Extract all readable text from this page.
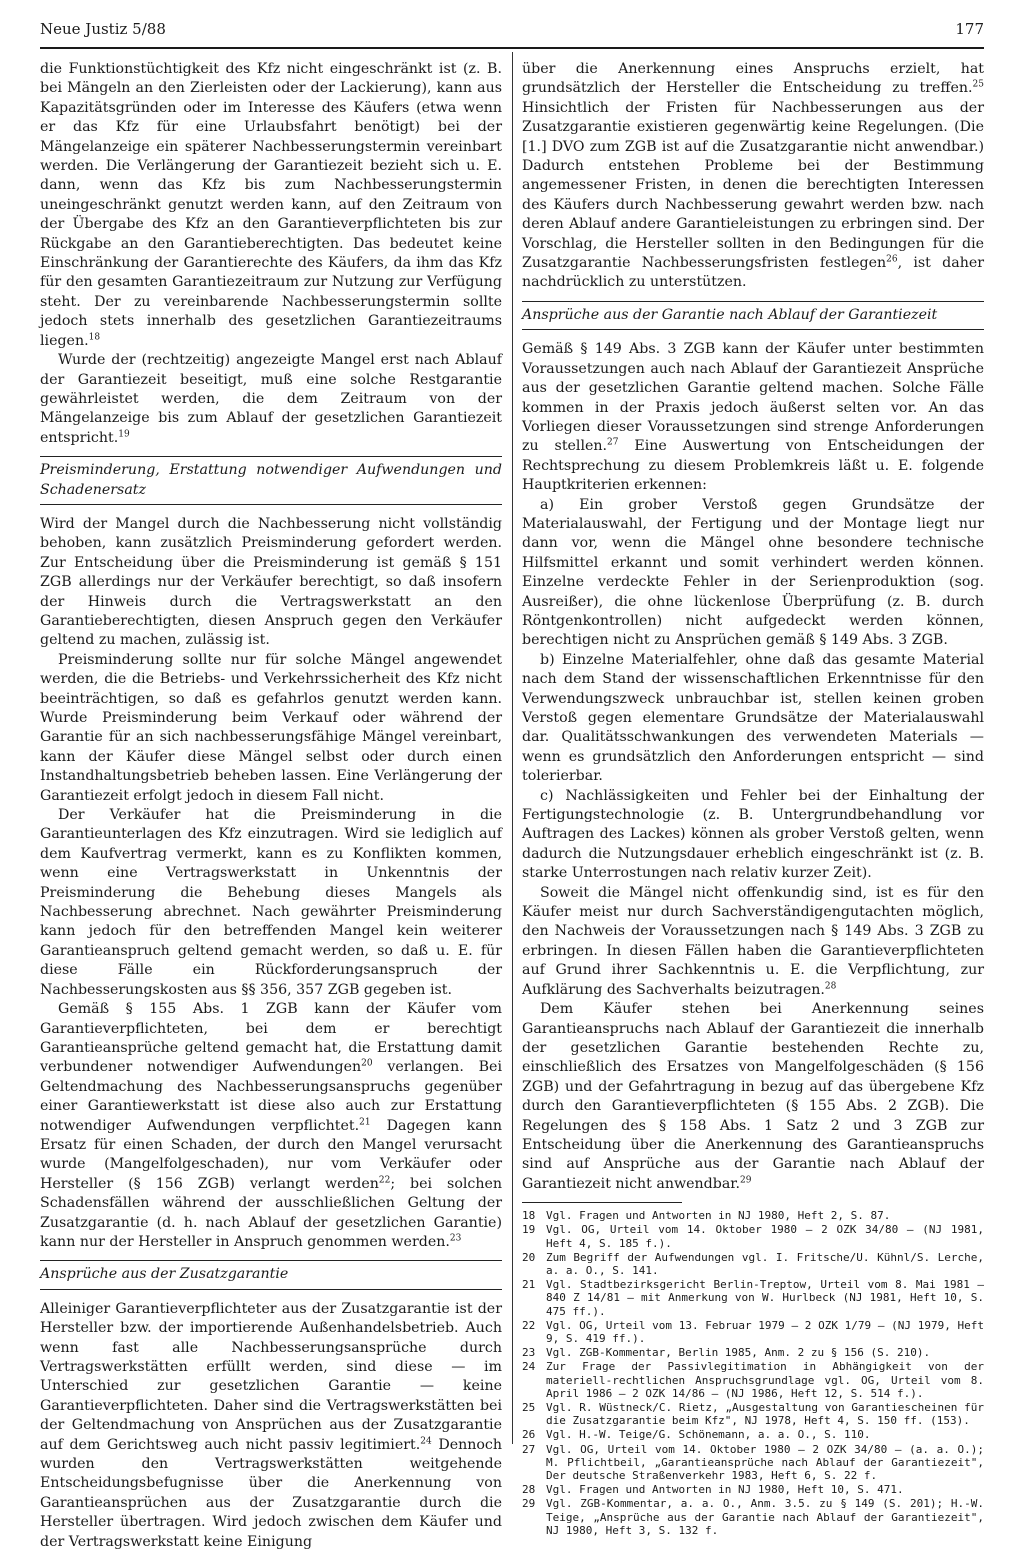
Neue Justiz 5/88	177

die Funktionstüchtigkeit des Kfz nicht eingeschränkt ist (z. B. bei Mängeln an den Zierleisten oder der Lackierung), kann aus Kapazitätsgründen oder im Interesse des Käufers (etwa wenn er das Kfz für eine Urlaubsfahrt benötigt) bei der Mängelanzeige ein späterer Nachbesserungstermin vereinbart werden. Die Verlängerung der Garantiezeit bezieht sich u. E. dann, wenn das Kfz bis zum Nachbesserungstermin uneingeschränkt genutzt werden kann, auf den Zeitraum von der Übergabe des Kfz an den Garantieverpflichteten bis zur Rückgabe an den Garantieberechtigten. Das bedeutet keine Einschränkung der Garantierechte des Käufers, da ihm das Kfz für den gesamten Garantiezeitraum zur Nutzung zur Verfügung steht. Der zu vereinbarende Nachbesserungstermin sollte jedoch stets innerhalb des gesetzlichen Garantiezeitraums liegen.$^{18}$

Wurde der (rechtzeitig) angezeigte Mangel erst nach Ablauf der Garantiezeit beseitigt, muß eine solche Restgarantie gewährleistet werden, die dem Zeitraum von der Mängelanzeige bis zum Ablauf der gesetzlichen Garantiezeit entspricht.$^{19}$

Preisminderung, Erstattung notwendiger Aufwendungen und Schadenersatz

Wird der Mangel durch die Nachbesserung nicht vollständig behoben, kann zusätzlich Preisminderung gefordert werden. Zur Entscheidung über die Preisminderung ist gemäß § 151 ZGB allerdings nur der Verkäufer berechtigt, so daß insofern der Hinweis durch die Vertragswerkstatt an den Garantieberechtigten, diesen Anspruch gegen den Verkäufer geltend zu machen, zulässig ist.

Preisminderung sollte nur für solche Mängel angewendet werden, die die Betriebs- und Verkehrssicherheit des Kfz nicht beeinträchtigen, so daß es gefahrlos genutzt werden kann. Wurde Preisminderung beim Verkauf oder während der Garantie für an sich nachbesserungsfähige Mängel vereinbart, kann der Käufer diese Mängel selbst oder durch einen Instandhaltungsbetrieb beheben lassen. Eine Verlängerung der Garantiezeit erfolgt jedoch in diesem Fall nicht.

Der Verkäufer hat die Preisminderung in die Garantieunterlagen des Kfz einzutragen. Wird sie lediglich auf dem Kaufvertrag vermerkt, kann es zu Konflikten kommen, wenn eine Vertragswerkstatt in Unkenntnis der Preisminderung die Behebung dieses Mangels als Nachbesserung abrechnet. Nach gewährter Preisminderung kann jedoch für den betreffenden Mangel kein weiterer Garantieanspruch geltend gemacht werden, so daß u. E. für diese Fälle ein Rückforderungsanspruch der Nachbesserungskosten aus §§ 356, 357 ZGB gegeben ist.

Gemäß § 155 Abs. 1 ZGB kann der Käufer vom Garantieverpflichteten, bei dem er berechtigt Garantieansprüche geltend gemacht hat, die Erstattung damit verbundener notwendiger Aufwendungen$^{20}$ verlangen. Bei Geltendmachung des Nachbesserungsanspruchs gegenüber einer Garantiewerkstatt ist diese also auch zur Erstattung notwendiger Aufwendungen verpflichtet.$^{21}$ Dagegen kann Ersatz für einen Schaden, der durch den Mangel verursacht wurde (Mangelfolgeschaden), nur vom Verkäufer oder Hersteller (§ 156 ZGB) verlangt werden$^{22}$; bei solchen Schadensfällen während der ausschließlichen Geltung der Zusatzgarantie (d. h. nach Ablauf der gesetzlichen Garantie) kann nur der Hersteller in Anspruch genommen werden.$^{23}$

Ansprüche aus der Zusatzgarantie

Alleiniger Garantieverpflichteter aus der Zusatzgarantie ist der Hersteller bzw. der importierende Außenhandelsbetrieb. Auch wenn fast alle Nachbesserungsansprüche durch Vertragswerkstätten erfüllt werden, sind diese — im Unterschied zur gesetzlichen Garantie — keine Garantieverpflichteten. Daher sind die Vertragswerkstätten bei der Geltendmachung von Ansprüchen aus der Zusatzgarantie auf dem Gerichtsweg auch nicht passiv legitimiert.$^{24}$ Dennoch wurden den Vertragswerkstätten weitgehende Entscheidungsbefugnisse über die Anerkennung von Garantieansprüchen aus der Zusatzgarantie durch die Hersteller übertragen. Wird jedoch zwischen dem Käufer und der Vertragswerkstatt keine Einigung

über die Anerkennung eines Anspruchs erzielt, hat grundsätzlich der Hersteller die Entscheidung zu treffen.$^{25}$ Hinsichtlich der Fristen für Nachbesserungen aus der Zusatzgarantie existieren gegenwärtig keine Regelungen. (Die [1.] DVO zum ZGB ist auf die Zusatzgarantie nicht anwendbar.) Dadurch entstehen Probleme bei der Bestimmung angemessener Fristen, in denen die berechtigten Interessen des Käufers durch Nachbesserung gewahrt werden bzw. nach deren Ablauf andere Garantieleistungen zu erbringen sind. Der Vorschlag, die Hersteller sollten in den Bedingungen für die Zusatzgarantie Nachbesserungsfristen festlegen$^{26}$, ist daher nachdrücklich zu unterstützen.

Ansprüche aus der Garantie nach Ablauf der Garantiezeit

Gemäß § 149 Abs. 3 ZGB kann der Käufer unter bestimmten Voraussetzungen auch nach Ablauf der Garantiezeit Ansprüche aus der gesetzlichen Garantie geltend machen. Solche Fälle kommen in der Praxis jedoch äußerst selten vor. An das Vorliegen dieser Voraussetzungen sind strenge Anforderungen zu stellen.$^{27}$ Eine Auswertung von Entscheidungen der Rechtsprechung zu diesem Problemkreis läßt u. E. folgende Hauptkriterien erkennen:

a) Ein grober Verstoß gegen Grundsätze der Materialauswahl, der Fertigung und der Montage liegt nur dann vor, wenn die Mängel ohne besondere technische Hilfsmittel erkannt und somit verhindert werden können. Einzelne verdeckte Fehler in der Serienproduktion (sog. Ausreißer), die ohne lückenlose Überprüfung (z. B. durch Röntgenkontrollen) nicht aufgedeckt werden können, berechtigen nicht zu Ansprüchen gemäß § 149 Abs. 3 ZGB.

b) Einzelne Materialfehler, ohne daß das gesamte Material nach dem Stand der wissenschaftlichen Erkenntnisse für den Verwendungszweck unbrauchbar ist, stellen keinen groben Verstoß gegen elementare Grundsätze der Materialauswahl dar. Qualitätsschwankungen des verwendeten Materials — wenn es grundsätzlich den Anforderungen entspricht — sind tolerierbar.

c) Nachlässigkeiten und Fehler bei der Einhaltung der Fertigungstechnologie (z. B. Untergrundbehandlung vor Auftragen des Lackes) können als grober Verstoß gelten, wenn dadurch die Nutzungsdauer erheblich eingeschränkt ist (z. B. starke Unterrostungen nach relativ kurzer Zeit).

Soweit die Mängel nicht offenkundig sind, ist es für den Käufer meist nur durch Sachverständigengutachten möglich, den Nachweis der Voraussetzungen nach § 149 Abs. 3 ZGB zu erbringen. In diesen Fällen haben die Garantieverpflichteten auf Grund ihrer Sachkenntnis u. E. die Verpflichtung, zur Aufklärung des Sachverhalts beizutragen.$^{28}$

Dem Käufer stehen bei Anerkennung seines Garantieanspruchs nach Ablauf der Garantiezeit die innerhalb der gesetzlichen Garantie bestehenden Rechte zu, einschließlich des Ersatzes von Mangelfolgeschäden (§ 156 ZGB) und der Gefahrtragung in bezug auf das übergebene Kfz durch den Garantieverpflichteten (§ 155 Abs. 2 ZGB). Die Regelungen des § 158 Abs. 1 Satz 2 und 3 ZGB zur Entscheidung über die Anerkennung des Garantieanspruchs sind auf Ansprüche aus der Garantie nach Ablauf der Garantiezeit nicht anwendbar.$^{29}$

18 Vgl. Fragen und Antworten in NJ 1980, Heft 2, S. 87.
19 Vgl. OG, Urteil vom 14. Oktober 1980 — 2 OZK 34/80 — (NJ 1981, Heft 4, S. 185 f.).
20 Zum Begriff der Aufwendungen vgl. I. Fritsche/U. Kühnl/S. Lerche, a. a. O., S. 141.
21 Vgl. Stadtbezirksgericht Berlin-Treptow, Urteil vom 8. Mai 1981 — 840 Z 14/81 — mit Anmerkung von W. Hurlbeck (NJ 1981, Heft 10, S. 475 ff.).
22 Vgl. OG, Urteil vom 13. Februar 1979 — 2 OZK 1/79 — (NJ 1979, Heft 9, S. 419 ff.).
23 Vgl. ZGB-Kommentar, Berlin 1985, Anm. 2 zu § 156 (S. 210).
24 Zur Frage der Passivlegitimation in Abhängigkeit von der materiell-rechtlichen Anspruchsgrundlage vgl. OG, Urteil vom 8. April 1986 — 2 OZK 14/86 — (NJ 1986, Heft 12, S. 514 f.).
25 Vgl. R. Wüstneck/C. Rietz, „Ausgestaltung von Garantiescheinen für die Zusatzgarantie beim Kfz", NJ 1978, Heft 4, S. 150 ff. (153).
26 Vgl. H.-W. Teige/G. Schönemann, a. a. O., S. 110.
27 Vgl. OG, Urteil vom 14. Oktober 1980 — 2 OZK 34/80 — (a. a. O.); M. Pflichtbeil, „Garantieansprüche nach Ablauf der Garantiezeit", Der deutsche Straßenverkehr 1983, Heft 6, S. 22 f.
28 Vgl. Fragen und Antworten in NJ 1980, Heft 10, S. 471.
29 Vgl. ZGB-Kommentar, a. a. O., Anm. 3.5. zu § 149 (S. 201); H.-W. Teige, „Ansprüche aus der Garantie nach Ablauf der Garantiezeit", NJ 1980, Heft 3, S. 132 f.
